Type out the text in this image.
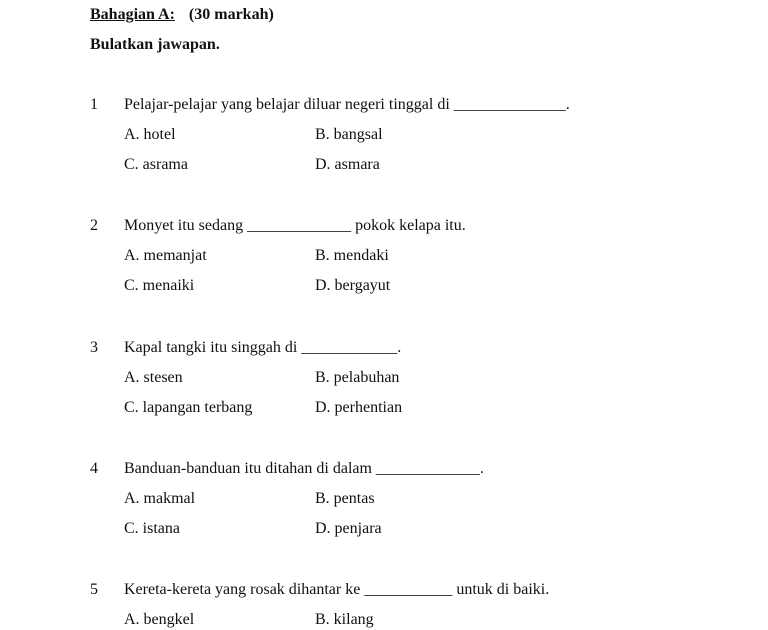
Bahagian A: (30 markah)
Bulatkan jawapan.
1 Pelajar-pelajar yang belajar diluar negeri tinggal di ______________.
A. hotel	B. bangsal
C. asrama	D. asmara
2 Monyet itu sedang _____________ pokok kelapa itu.
A. memanjat	B. mendaki
C. menaiki	D. bergayut
3 Kapal tangki itu singgah di ____________.
A. stesen	B. pelabuhan
C. lapangan terbang	D. perhentian
4 Banduan-banduan itu ditahan di dalam _____________.
A. makmal	B. pentas
C. istana	D. penjara
5 Kereta-kereta yang rosak dihantar ke ___________ untuk di baiki.
A. bengkel	B. kilang
